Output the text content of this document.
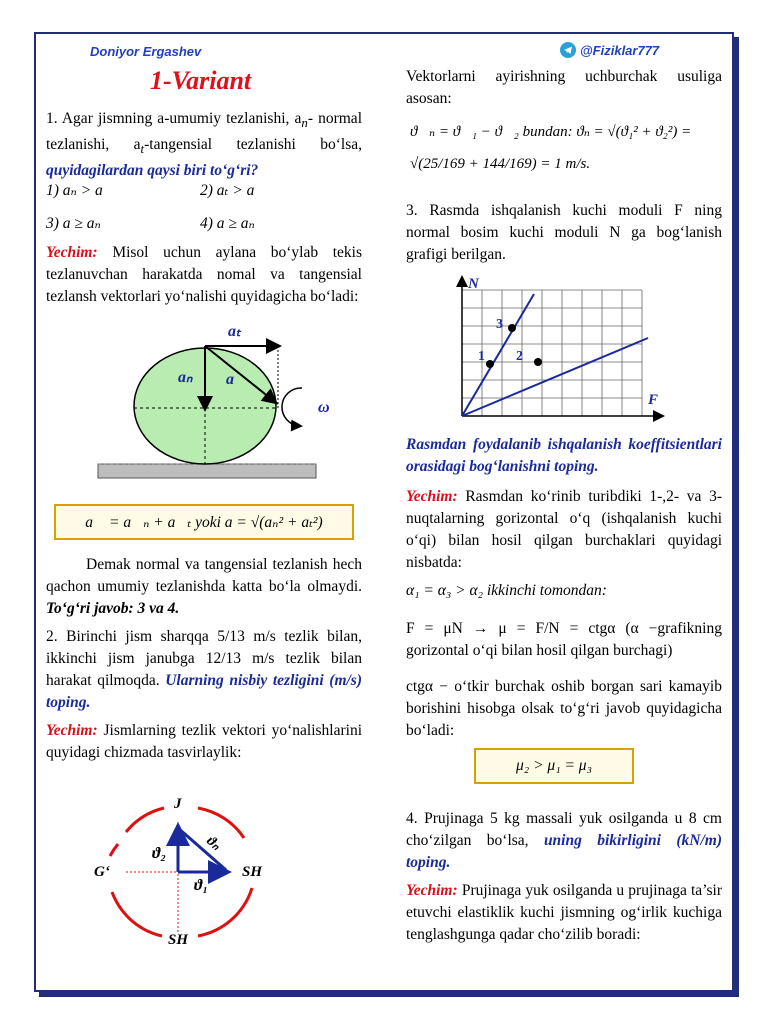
Doniyor Ergashev	@Fiziklar777
1-Variant

1. Agar jismning a-umumiy tezlanishi, $a_n-$ normal tezlanishi, $a_t$-tangensial tezlanishi bo‘lsa, quyidagilardan qaysi biri to‘g‘ri?

1) aₙ > a	2) aₜ > a
3) a ≥ aₙ	4) a ≥ aₙ

Yechim: Misol uchun aylana bo‘ylab tekis tezlanuvchan harakatda nomal va tangensial tezlansh vektorlari yo‘nalishi quyidagicha bo‘ladi:

aₜ
aₙ a
ω
a⃗ = a⃗ₙ + a⃗ₜ yoki a = √(aₙ² + aₜ²)

Demak normal va tangensial tezlanish hech qachon umumiy tezlanishda katta bo‘la olmaydi. To‘g‘ri javob: 3 va 4.

2. Birinchi jism sharqqa 5/13 m/s tezlik bilan, ikkinchi jism janubga 12/13 m/s tezlik bilan harakat qilmoqda. Ularning nisbiy tezligini (m/s) toping.

Yechim: Jismlarning tezlik vektori yo‘nalishlarini quyidagi chizmada tasvirlaylik:

J
SH
SH
G‘
ϑ₂
ϑ₁
ϑₙ

Vektorlarni ayirishning uchburchak usuliga asosan:

ϑ⃗ₙ = ϑ⃗₁ − ϑ⃗₂ bundan: ϑₙ = √(ϑ₁² + ϑ₂²) =
√(25/169 + 144/169) = 1 m/s.

3. Rasmda ishqalanish kuchi moduli F ning normal bosim kuchi moduli N ga bog‘lanish grafigi berilgan.

1
3
2
N
F

Rasmdan foydalanib ishqalanish koeffitsientlari orasidagi bog‘lanishni toping.

Yechim: Rasmdan ko‘rinib turibdiki 1-,2- va 3-nuqtalarning gorizontal o‘q (ishqalanish kuchi o‘qi) bilan hosil qilgan burchaklari quyidagi nisbatda:

α₁ = α₃ > α₂ ikkinchi tomondan:

F = μN → μ = F/N = ctgα (α −grafikning gorizontal o‘qi bilan hosil qilgan burchagi)

ctgα − o‘tkir burchak oshib borgan sari kamayib borishini hisobga olsak to‘g‘ri javob quyidagicha bo‘ladi:

μ₂ > μ₁ = μ₃

4. Prujinaga 5 kg massali yuk osilganda u 8 cm cho‘zilgan bo‘lsa, uning bikirligini (kN/m) toping.

Yechim: Prujinaga yuk osilganda u prujinaga ta’sir etuvchi elastiklik kuchi jismning og‘irlik kuchiga tenglashgunga qadar cho‘zilib boradi:
